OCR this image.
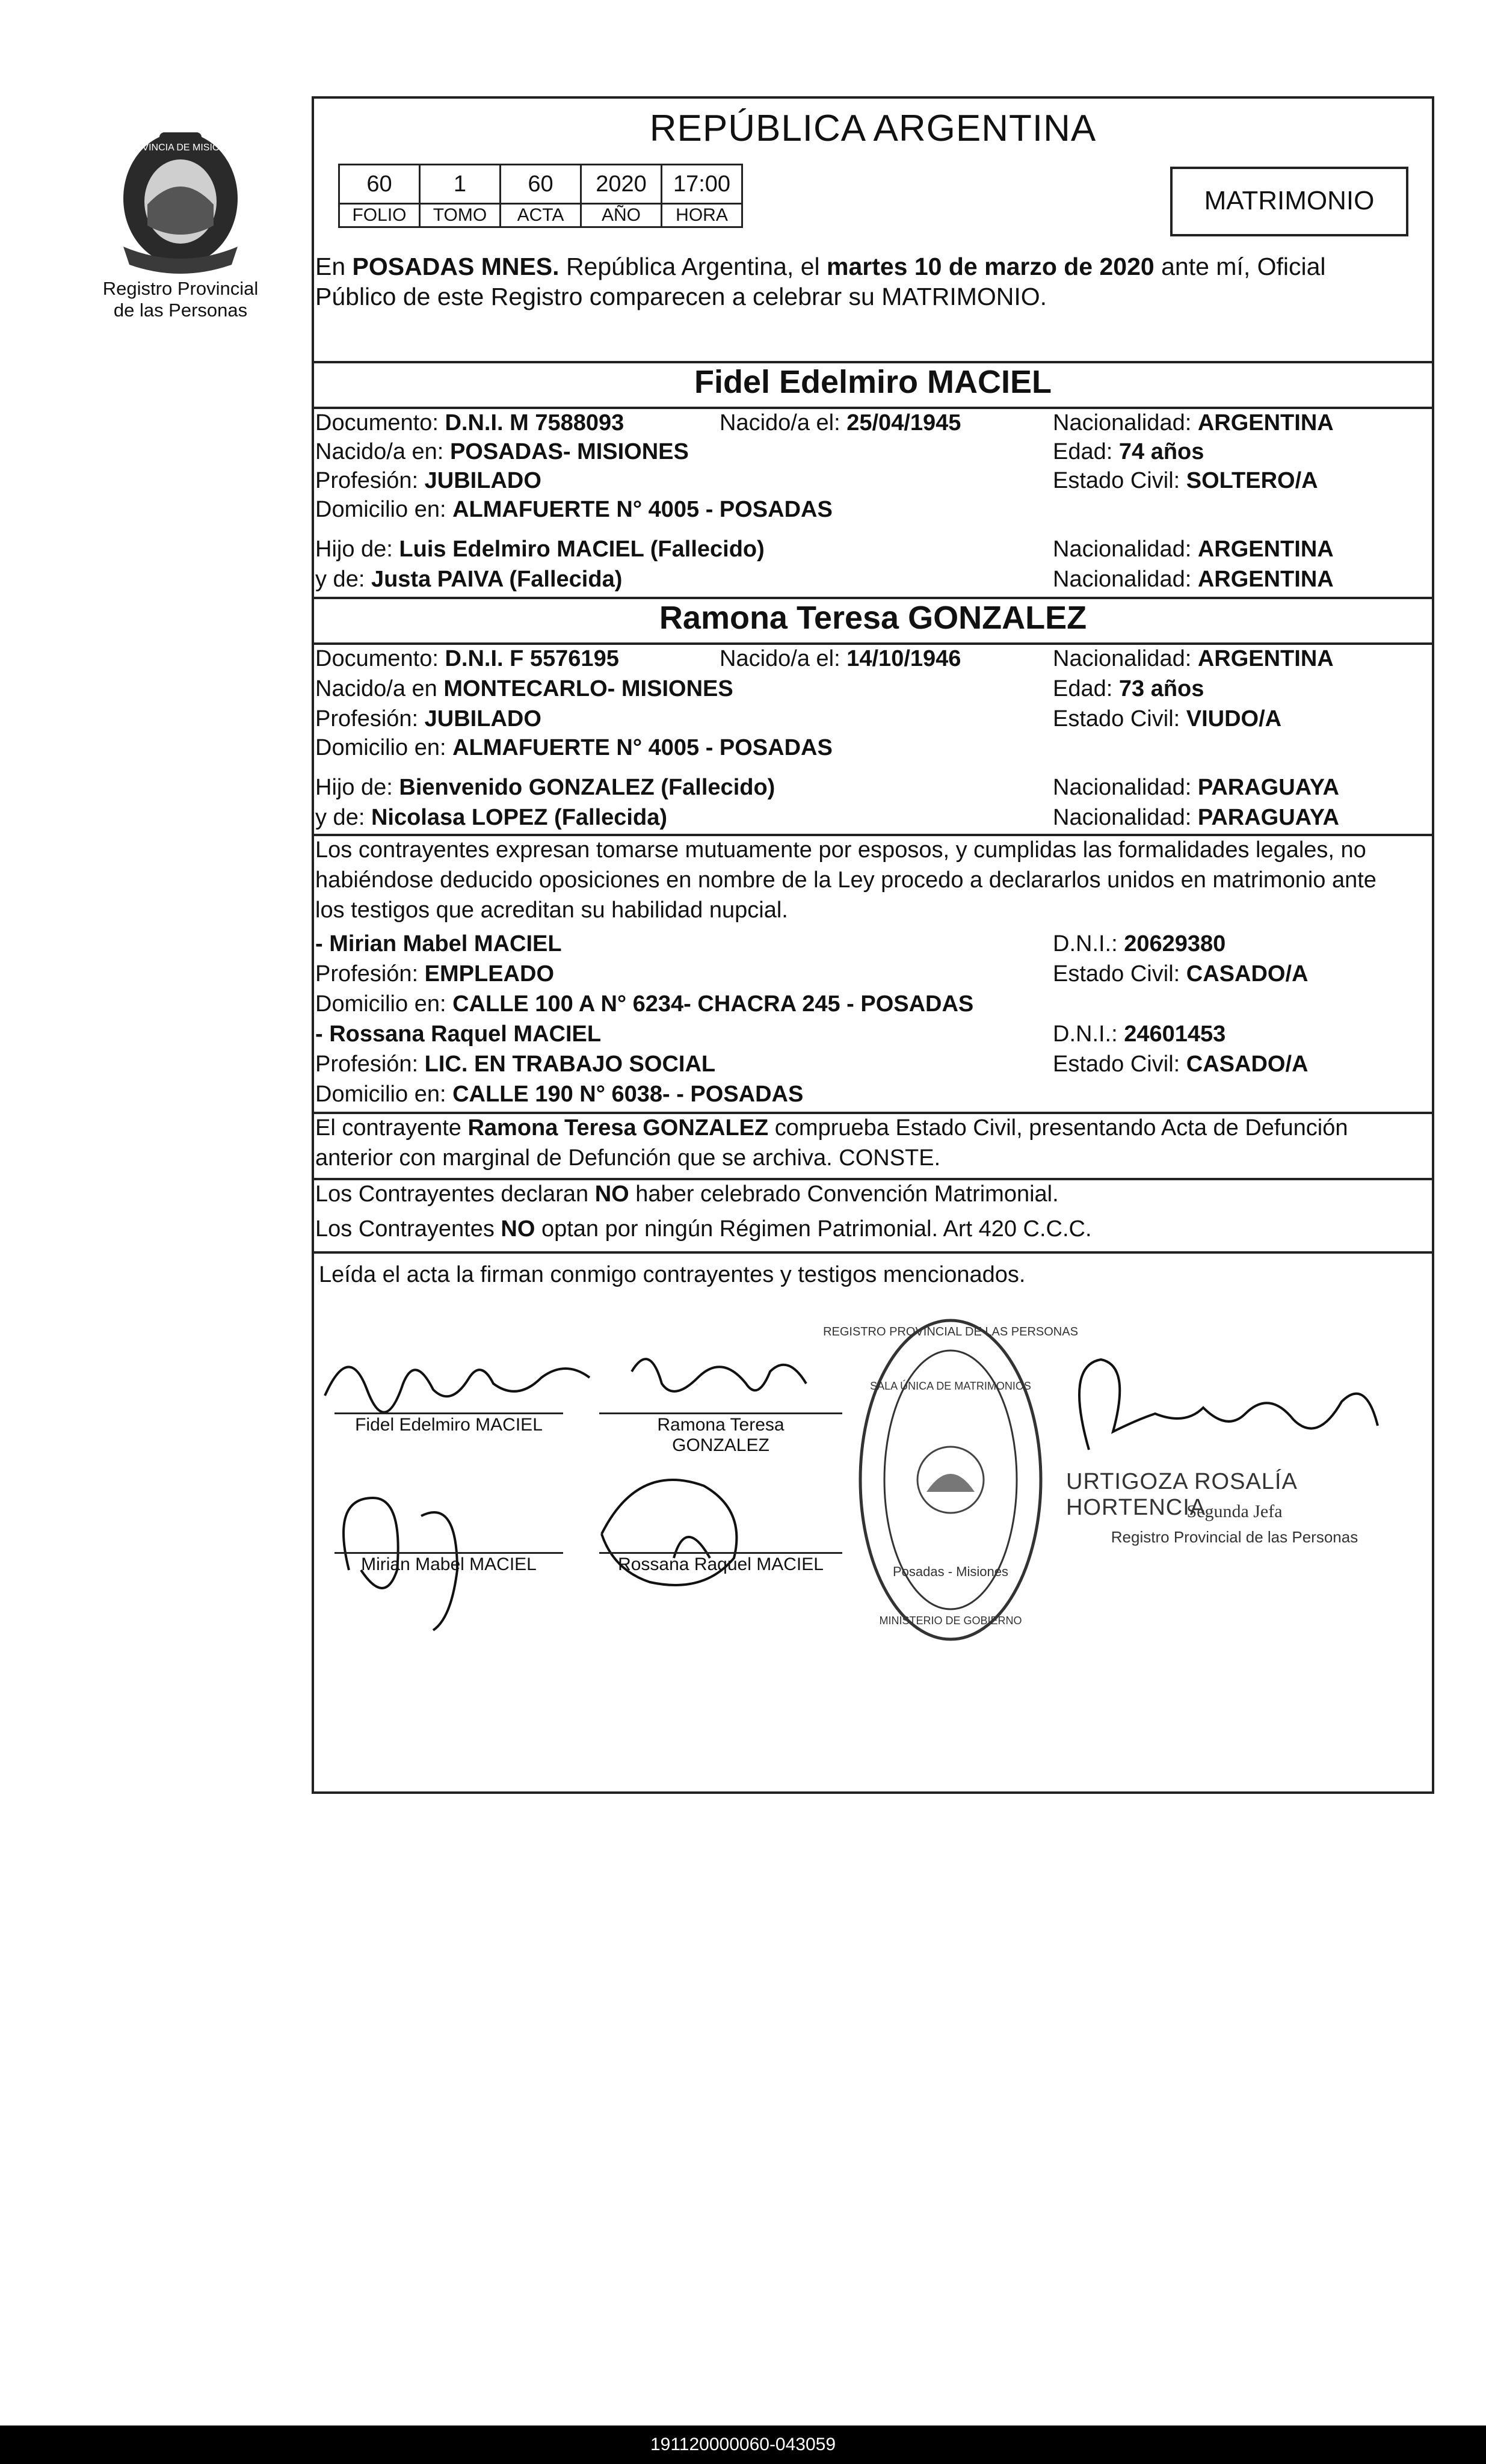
PROVINCIA DE MISIONES
Registro Provincial
de las Personas
REPÚBLICA ARGENTINA
60	1	60	2020	17:00
FOLIO	TOMO	ACTA	AÑO	HORA	MATRIMONIO
En POSADAS MNES. República Argentina, el martes 10 de marzo de 2020 ante mí, Oficial
Público de este Registro comparecen a celebrar su MATRIMONIO.
Fidel Edelmiro MACIEL
Documento: D.N.I. M 7588093	Nacido/a el: 25/04/1945	Nacionalidad: ARGENTINA
Nacido/a en: POSADAS- MISIONES	Edad: 74 años
Profesión: JUBILADO	Estado Civil: SOLTERO/A
Domicilio en: ALMAFUERTE N° 4005 - POSADAS
Hijo de: Luis Edelmiro MACIEL (Fallecido)	Nacionalidad: ARGENTINA
y de: Justa PAIVA (Fallecida)	Nacionalidad: ARGENTINA
Ramona Teresa GONZALEZ
Documento: D.N.I. F 5576195	Nacido/a el: 14/10/1946	Nacionalidad: ARGENTINA
Nacido/a en MONTECARLO- MISIONES	Edad: 73 años
Profesión: JUBILADO	Estado Civil: VIUDO/A
Domicilio en: ALMAFUERTE N° 4005 - POSADAS
Hijo de: Bienvenido GONZALEZ (Fallecido)	Nacionalidad: PARAGUAYA
y de: Nicolasa LOPEZ (Fallecida)	Nacionalidad: PARAGUAYA
Los contrayentes expresan tomarse mutuamente por esposos, y cumplidas las formalidades legales, no
habiéndose deducido oposiciones en nombre de la Ley procedo a declararlos unidos en matrimonio ante
los testigos que acreditan su habilidad nupcial.
- Mirian Mabel MACIEL	D.N.I.: 20629380
Profesión: EMPLEADO	Estado Civil: CASADO/A
Domicilio en: CALLE 100 A N° 6234- CHACRA 245 - POSADAS
- Rossana Raquel MACIEL	D.N.I.: 24601453
Profesión: LIC. EN TRABAJO SOCIAL	Estado Civil: CASADO/A
Domicilio en: CALLE 190 N° 6038- - POSADAS
El contrayente Ramona Teresa GONZALEZ comprueba Estado Civil, presentando Acta de Defunción
anterior con marginal de Defunción que se archiva. CONSTE.
Los Contrayentes declaran NO haber celebrado Convención Matrimonial.
Los Contrayentes NO optan por ningún Régimen Patrimonial. Art 420 C.C.C.
Leída el acta la firman conmigo contrayentes y testigos mencionados.
Fidel Edelmiro MACIEL	Ramona Teresa
GONZALEZ
Mirian Mabel MACIEL	Rossana Raquel MACIEL
REGISTRO PROVINCIAL DE LAS PERSONAS
SALA ÚNICA DE MATRIMONIOS
Posadas - Misiones
MINISTERIO DE GOBIERNO
URTIGOZA ROSALÍA HORTENCIA
Segunda Jefa
Registro Provincial de las Personas
191120000060-043059
